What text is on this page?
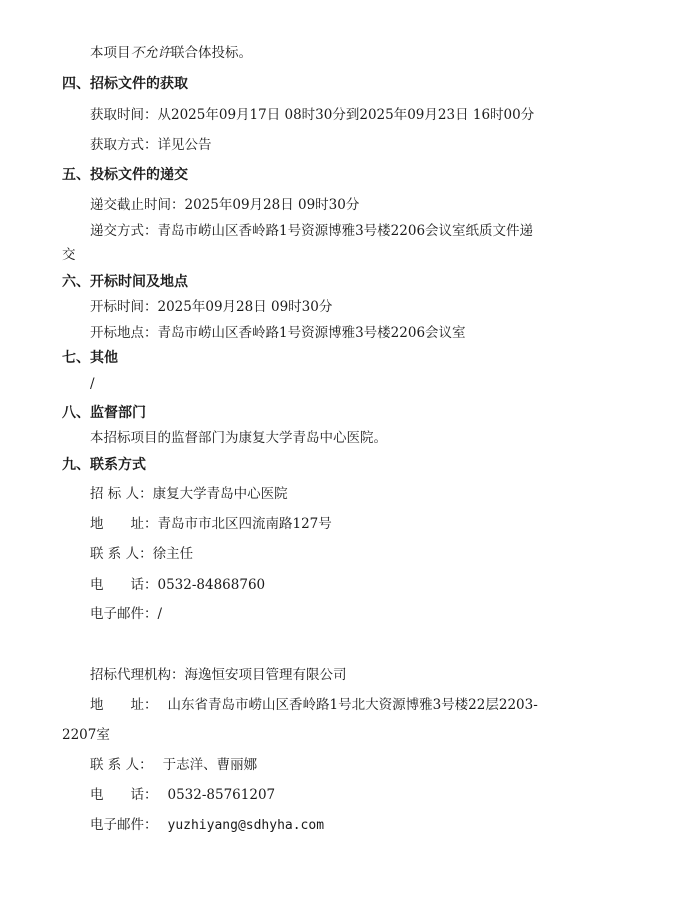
本项目不允许联合体投标。
四、招标文件的获取
获取时间：从2025年09月17日 08时30分到2025年09月23日 16时00分
获取方式：详见公告
五、投标文件的递交
递交截止时间：2025年09月28日 09时30分
递交方式：青岛市崂山区香岭路1号资源博雅3号楼2206会议室纸质文件递
交
六、开标时间及地点
开标时间：2025年09月28日 09时30分
开标地点：青岛市崂山区香岭路1号资源博雅3号楼2206会议室
七、其他
/
八、监督部门
本招标项目的监督部门为康复大学青岛中心医院。
九、联系方式
招 标 人：康复大学青岛中心医院
地　　址：青岛市市北区四流南路127号
联 系 人：徐主任
电　　话：0532-84868760
电子邮件：/
招标代理机构：海逸恒安项目管理有限公司
地　　址： 山东省青岛市崂山区香岭路1号北大资源博雅3号楼22层2203-
2207室
联 系 人： 于志洋、曹丽娜
电　　话： 0532-85761207
电子邮件： yuzhiyang@sdhyha.com
